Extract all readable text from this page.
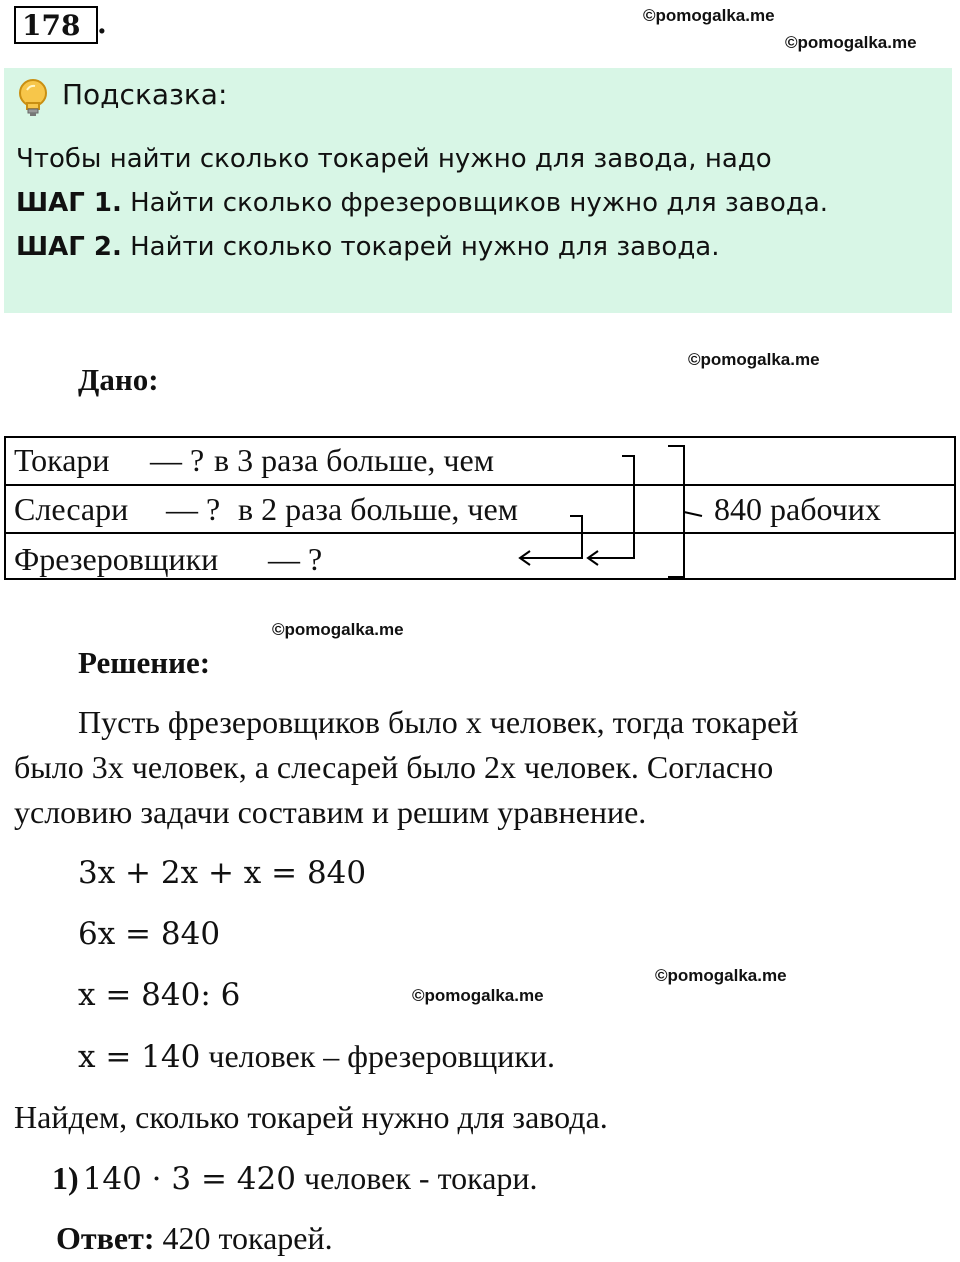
178 .	©pomogalka.me
©pomogalka.me
Подсказка:
Чтобы найти сколько токарей нужно для завода, надо
ШАГ 1. Найти сколько фрезеровщиков нужно для завода.
ШАГ 2. Найти сколько токарей нужно для завода.
Дано:
©pomogalka.me
Токари — ? в 3 раза больше, чем
Слесари — ? в 2 раза больше, чем
Фрезеровщики — ?
840 рабочих
©pomogalka.me
Решение:
Пусть фрезеровщиков было x человек, тогда токарей
было 3x человек, а слесарей было 2x человек. Согласно
условию задачи составим и решим уравнение.
3x + 2x + x = 840
6x = 840
x = 840: 6	©pomogalka.me
©pomogalka.me
x = 140 человек – фрезеровщики.
Найдем, сколько токарей нужно для завода.
1) 140 · 3 = 420 человек - токари.
Ответ: 420 токарей.
